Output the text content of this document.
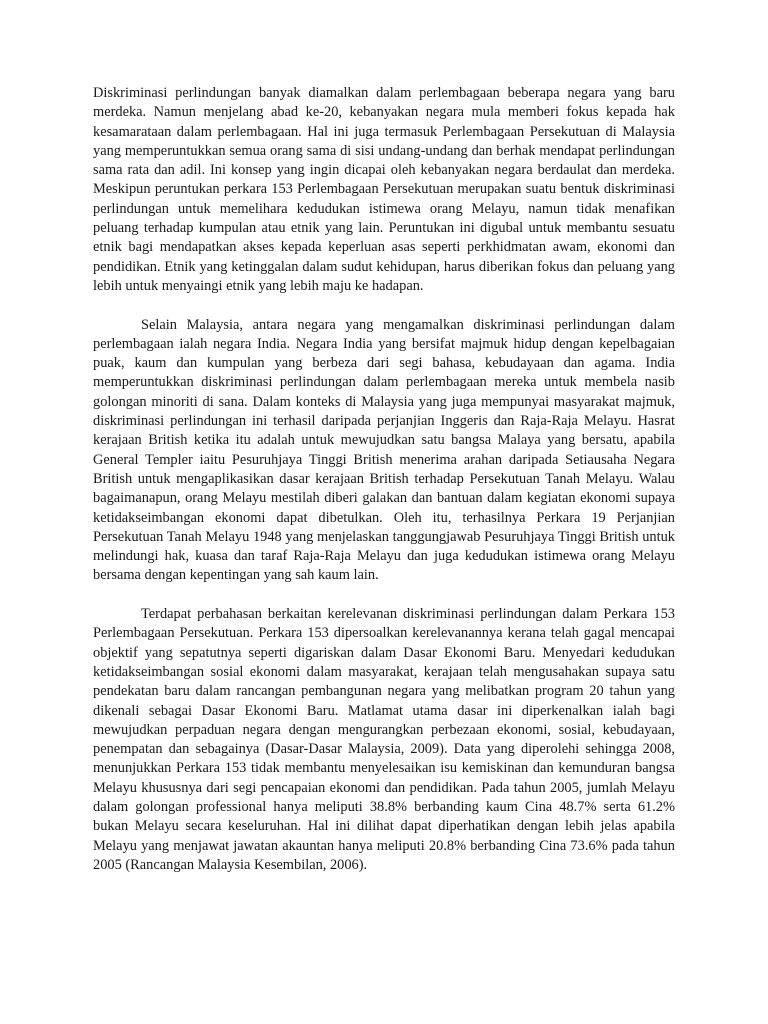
Diskriminasi perlindungan banyak diamalkan dalam perlembagaan beberapa negara yang baru merdeka. Namun menjelang abad ke-20, kebanyakan negara mula memberi fokus kepada hak kesamarataan dalam perlembagaan. Hal ini juga termasuk Perlembagaan Persekutuan di Malaysia yang memperuntukkan semua orang sama di sisi undang-undang dan berhak mendapat perlindungan sama rata dan adil. Ini konsep yang ingin dicapai oleh kebanyakan negara berdaulat dan merdeka. Meskipun peruntukan perkara 153 Perlembagaan Persekutuan merupakan suatu bentuk diskriminasi perlindungan untuk memelihara kedudukan istimewa orang Melayu, namun tidak menafikan peluang terhadap kumpulan atau etnik yang lain. Peruntukan ini digubal untuk membantu sesuatu etnik bagi mendapatkan akses kepada keperluan asas seperti perkhidmatan awam, ekonomi dan pendidikan. Etnik yang ketinggalan dalam sudut kehidupan, harus diberikan fokus dan peluang yang lebih untuk menyaingi etnik yang lebih maju ke hadapan.

Selain Malaysia, antara negara yang mengamalkan diskriminasi perlindungan dalam perlembagaan ialah negara India. Negara India yang bersifat majmuk hidup dengan kepelbagaian puak, kaum dan kumpulan yang berbeza dari segi bahasa, kebudayaan dan agama. India memperuntukkan diskriminasi perlindungan dalam perlembagaan mereka untuk membela nasib golongan minoriti di sana. Dalam konteks di Malaysia yang juga mempunyai masyarakat majmuk, diskriminasi perlindungan ini terhasil daripada perjanjian Inggeris dan Raja-Raja Melayu. Hasrat kerajaan British ketika itu adalah untuk mewujudkan satu bangsa Malaya yang bersatu, apabila General Templer iaitu Pesuruhjaya Tinggi British menerima arahan daripada Setiausaha Negara British untuk mengaplikasikan dasar kerajaan British terhadap Persekutuan Tanah Melayu. Walau bagaimanapun, orang Melayu mestilah diberi galakan dan bantuan dalam kegiatan ekonomi supaya ketidakseimbangan ekonomi dapat dibetulkan. Oleh itu, terhasilnya Perkara 19 Perjanjian Persekutuan Tanah Melayu 1948 yang menjelaskan tanggungjawab Pesuruhjaya Tinggi British untuk melindungi hak, kuasa dan taraf Raja-Raja Melayu dan juga kedudukan istimewa orang Melayu bersama dengan kepentingan yang sah kaum lain.

Terdapat perbahasan berkaitan kerelevanan diskriminasi perlindungan dalam Perkara 153 Perlembagaan Persekutuan. Perkara 153 dipersoalkan kerelevanannya kerana telah gagal mencapai objektif yang sepatutnya seperti digariskan dalam Dasar Ekonomi Baru. Menyedari kedudukan ketidakseimbangan sosial ekonomi dalam masyarakat, kerajaan telah mengusahakan supaya satu pendekatan baru dalam rancangan pembangunan negara yang melibatkan program 20 tahun yang dikenali sebagai Dasar Ekonomi Baru. Matlamat utama dasar ini diperkenalkan ialah bagi mewujudkan perpaduan negara dengan mengurangkan perbezaan ekonomi, sosial, kebudayaan, penempatan dan sebagainya (Dasar-Dasar Malaysia, 2009). Data yang diperolehi sehingga 2008, menunjukkan Perkara 153 tidak membantu menyelesaikan isu kemiskinan dan kemunduran bangsa Melayu khususnya dari segi pencapaian ekonomi dan pendidikan. Pada tahun 2005, jumlah Melayu dalam golongan professional hanya meliputi 38.8% berbanding kaum Cina 48.7% serta 61.2% bukan Melayu secara keseluruhan. Hal ini dilihat dapat diperhatikan dengan lebih jelas apabila Melayu yang menjawat jawatan akauntan hanya meliputi 20.8% berbanding Cina 73.6% pada tahun 2005 (Rancangan Malaysia Kesembilan, 2006).
